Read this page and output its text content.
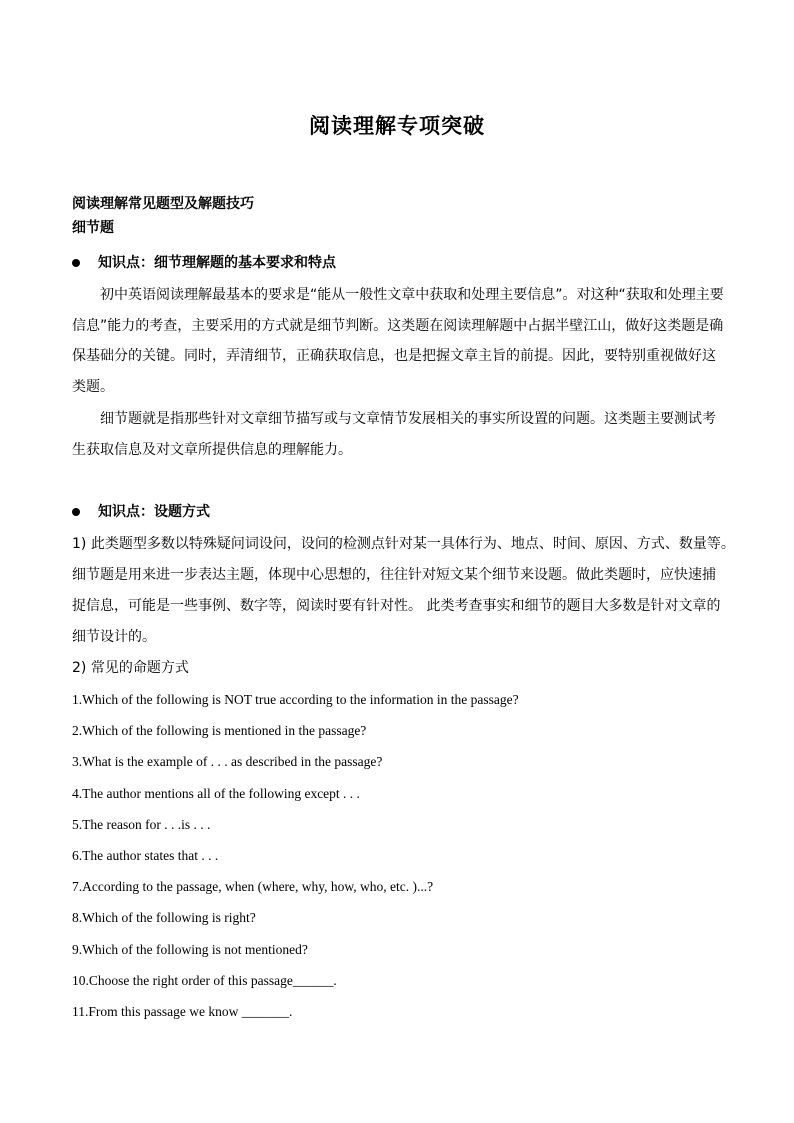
阅读理解专项突破
阅读理解常见题型及解题技巧
细节题
知识点：细节理解题的基本要求和特点
初中英语阅读理解最基本的要求是“能从一般性文章中获取和处理主要信息”。对这种“获取和处理主要
信息”能力的考查，主要采用的方式就是细节判断。这类题在阅读理解题中占据半壁江山，做好这类题是确
保基础分的关键。同时，弄清细节，正确获取信息，也是把握文章主旨的前提。因此，要特别重视做好这
类题。
细节题就是指那些针对文章细节描写或与文章情节发展相关的事实所设置的问题。这类题主要测试考
生获取信息及对文章所提供信息的理解能力。
知识点：设题方式
1) 此类题型多数以特殊疑问词设问，设问的检测点针对某一具体行为、地点、时间、原因、方式、数量等。
细节题是用来进一步表达主题，体现中心思想的，往往针对短文某个细节来设题。做此类题时，应快速捕
捉信息，可能是一些事例、数字等，阅读时要有针对性。 此类考查事实和细节的题目大多数是针对文章的
细节设计的。
2) 常见的命题方式
1.Which of the following is NOT true according to the information in the passage?
2.Which of the following is mentioned in the passage?
3.What is the example of . . . as described in the passage?
4.The author mentions all of the following except . . .
5.The reason for . . .is . . .
6.The author states that . . .
7.According to the passage, when (where, why, how, who, etc. )...?
8.Which of the following is right?
9.Which of the following is not mentioned?
10.Choose the right order of this passage______.
11.From this passage we know _______.
